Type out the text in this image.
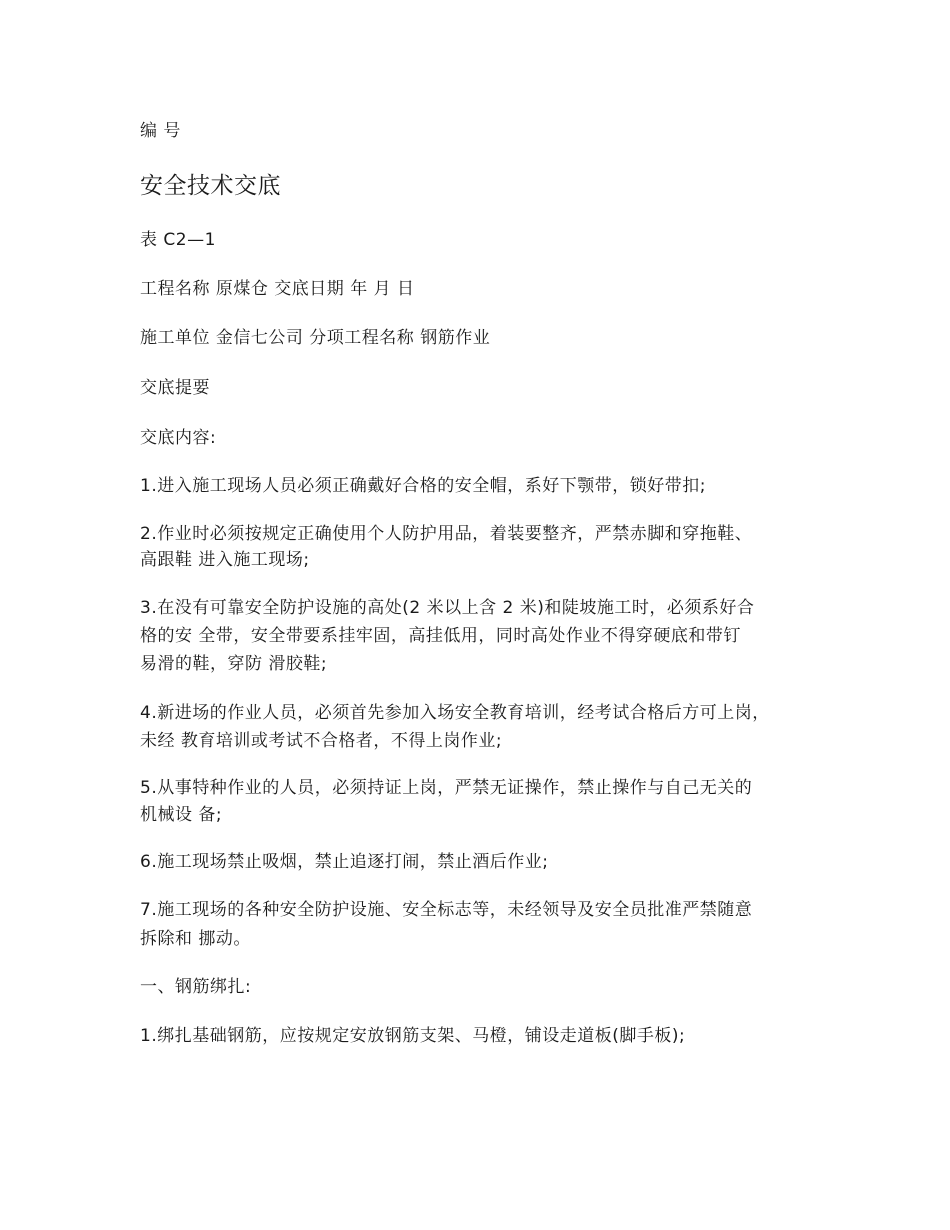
编 号
安全技术交底
表 C2—1
工程名称 原煤仓 交底日期 年 月 日
施工单位 金信七公司 分项工程名称 钢筋作业
交底提要
交底内容:
1.进入施工现场人员必须正确戴好合格的安全帽，系好下颚带，锁好带扣;
2.作业时必须按规定正确使用个人防护用品，着装要整齐，严禁赤脚和穿拖鞋、
高跟鞋 进入施工现场;
3.在没有可靠安全防护设施的高处(2 米以上含 2 米)和陡坡施工时，必须系好合
格的安 全带，安全带要系挂牢固，高挂低用，同时高处作业不得穿硬底和带钉
易滑的鞋，穿防 滑胶鞋;
4.新进场的作业人员，必须首先参加入场安全教育培训，经考试合格后方可上岗，
未经 教育培训或考试不合格者，不得上岗作业;
5.从事特种作业的人员，必须持证上岗，严禁无证操作，禁止操作与自己无关的
机械设 备;
6.施工现场禁止吸烟，禁止追逐打闹，禁止酒后作业;
7.施工现场的各种安全防护设施、安全标志等，未经领导及安全员批准严禁随意
拆除和 挪动。
一、钢筋绑扎:
1.绑扎基础钢筋，应按规定安放钢筋支架、马橙，铺设走道板(脚手板);
